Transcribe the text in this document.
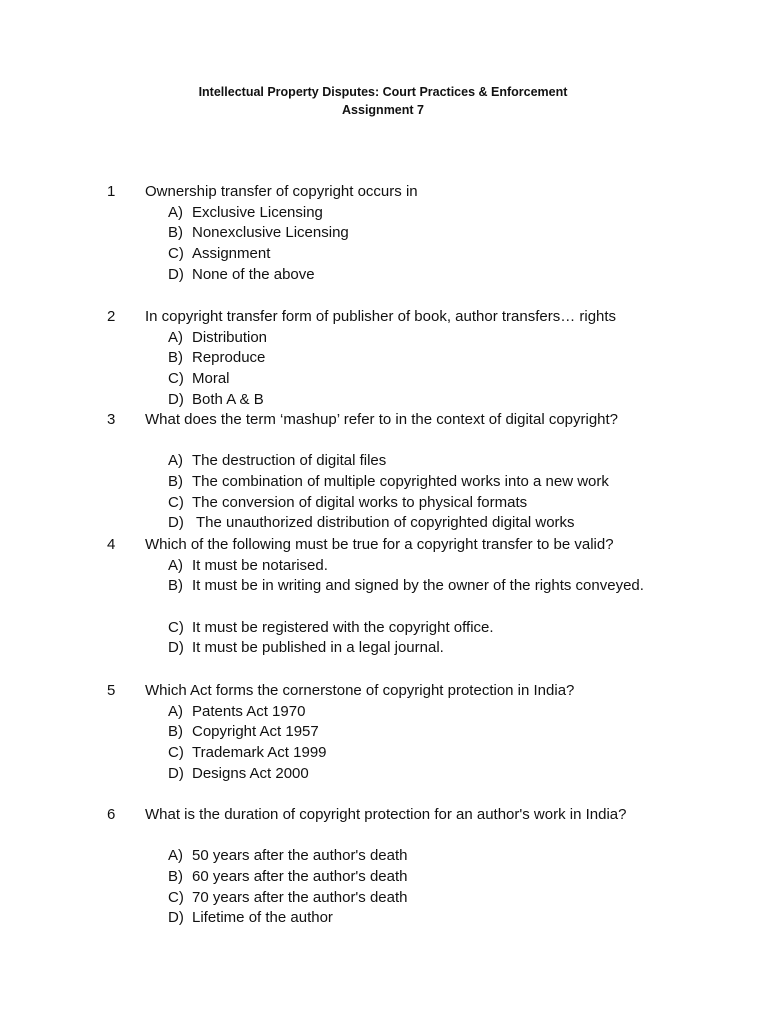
Intellectual Property Disputes: Court Practices & Enforcement
Assignment 7
1 Ownership transfer of copyright occurs in
A) Exclusive Licensing
B) Nonexclusive Licensing
C) Assignment
D) None of the above
2 In copyright transfer form of publisher of book, author transfers… rights
A) Distribution
B) Reproduce
C) Moral
D) Both A & B
3 What does the term ‘mashup’ refer to in the context of digital copyright?
A) The destruction of digital files
B) The combination of multiple copyrighted works into a new work
C) The conversion of digital works to physical formats
D) The unauthorized distribution of copyrighted digital works
4 Which of the following must be true for a copyright transfer to be valid?
A) It must be notarised.
B) It must be in writing and signed by the owner of the rights conveyed.
C) It must be registered with the copyright office.
D) It must be published in a legal journal.
5 Which Act forms the cornerstone of copyright protection in India?
A) Patents Act 1970
B) Copyright Act 1957
C) Trademark Act 1999
D) Designs Act 2000
6 What is the duration of copyright protection for an author's work in India?
A) 50 years after the author's death
B) 60 years after the author's death
C) 70 years after the author's death
D) Lifetime of the author
